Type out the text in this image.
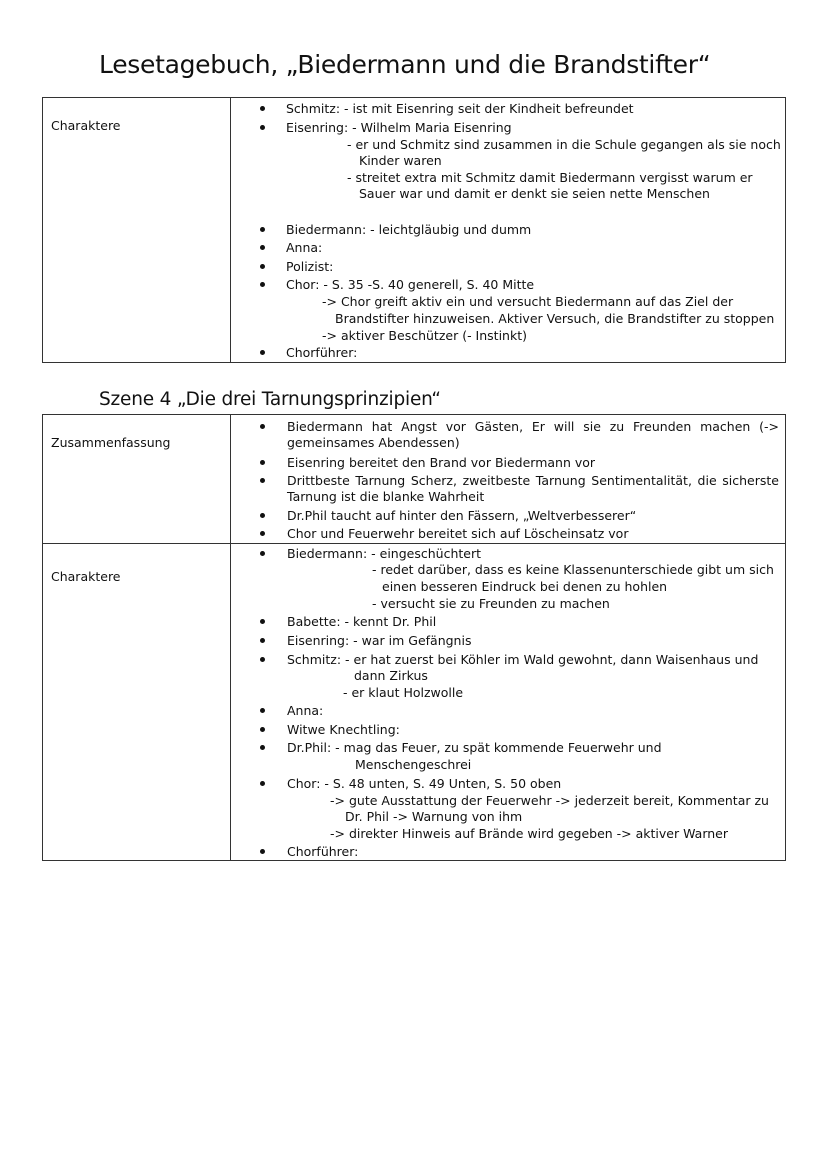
Lesetagebuch, „Biedermann und die Brandstifter“
Charaktere
Schmitz: - ist mit Eisenring seit der Kindheit befreundet
Eisenring: - Wilhelm Maria Eisenring
- er und Schmitz sind zusammen in die Schule gegangen als sie noch
Kinder waren
- streitet extra mit Schmitz damit Biedermann vergisst warum er
Sauer war und damit er denkt sie seien nette Menschen
Biedermann: - leichtgläubig und dumm
Anna:
Polizist:
Chor: - S. 35 -S. 40 generell, S. 40 Mitte
-> Chor greift aktiv ein und versucht Biedermann auf das Ziel der
Brandstifter hinzuweisen. Aktiver Versuch, die Brandstifter zu stoppen
-> aktiver Beschützer (- Instinkt)
Chorführer:
Szene 4 „Die drei Tarnungsprinzipien“
Zusammenfassung
Biedermann hat Angst vor Gästen, Er will sie zu Freunden machen (->
gemeinsames Abendessen)
Eisenring bereitet den Brand vor Biedermann vor
Drittbeste Tarnung Scherz, zweitbeste Tarnung Sentimentalität, die sicherste
Tarnung ist die blanke Wahrheit
Dr.Phil taucht auf hinter den Fässern, „Weltverbesserer“
Chor und Feuerwehr bereitet sich auf Löscheinsatz vor
Charaktere
Biedermann: - eingeschüchtert
- redet darüber, dass es keine Klassenunterschiede gibt um sich
einen besseren Eindruck bei denen zu hohlen
- versucht sie zu Freunden zu machen
Babette: - kennt Dr. Phil
Eisenring: - war im Gefängnis
Schmitz: - er hat zuerst bei Köhler im Wald gewohnt, dann Waisenhaus und
dann Zirkus
- er klaut Holzwolle
Anna:
Witwe Knechtling:
Dr.Phil: - mag das Feuer, zu spät kommende Feuerwehr und
Menschengeschrei
Chor: - S. 48 unten, S. 49 Unten, S. 50 oben
-> gute Ausstattung der Feuerwehr -> jederzeit bereit, Kommentar zu
Dr. Phil -> Warnung von ihm
-> direkter Hinweis auf Brände wird gegeben -> aktiver Warner
Chorführer:
